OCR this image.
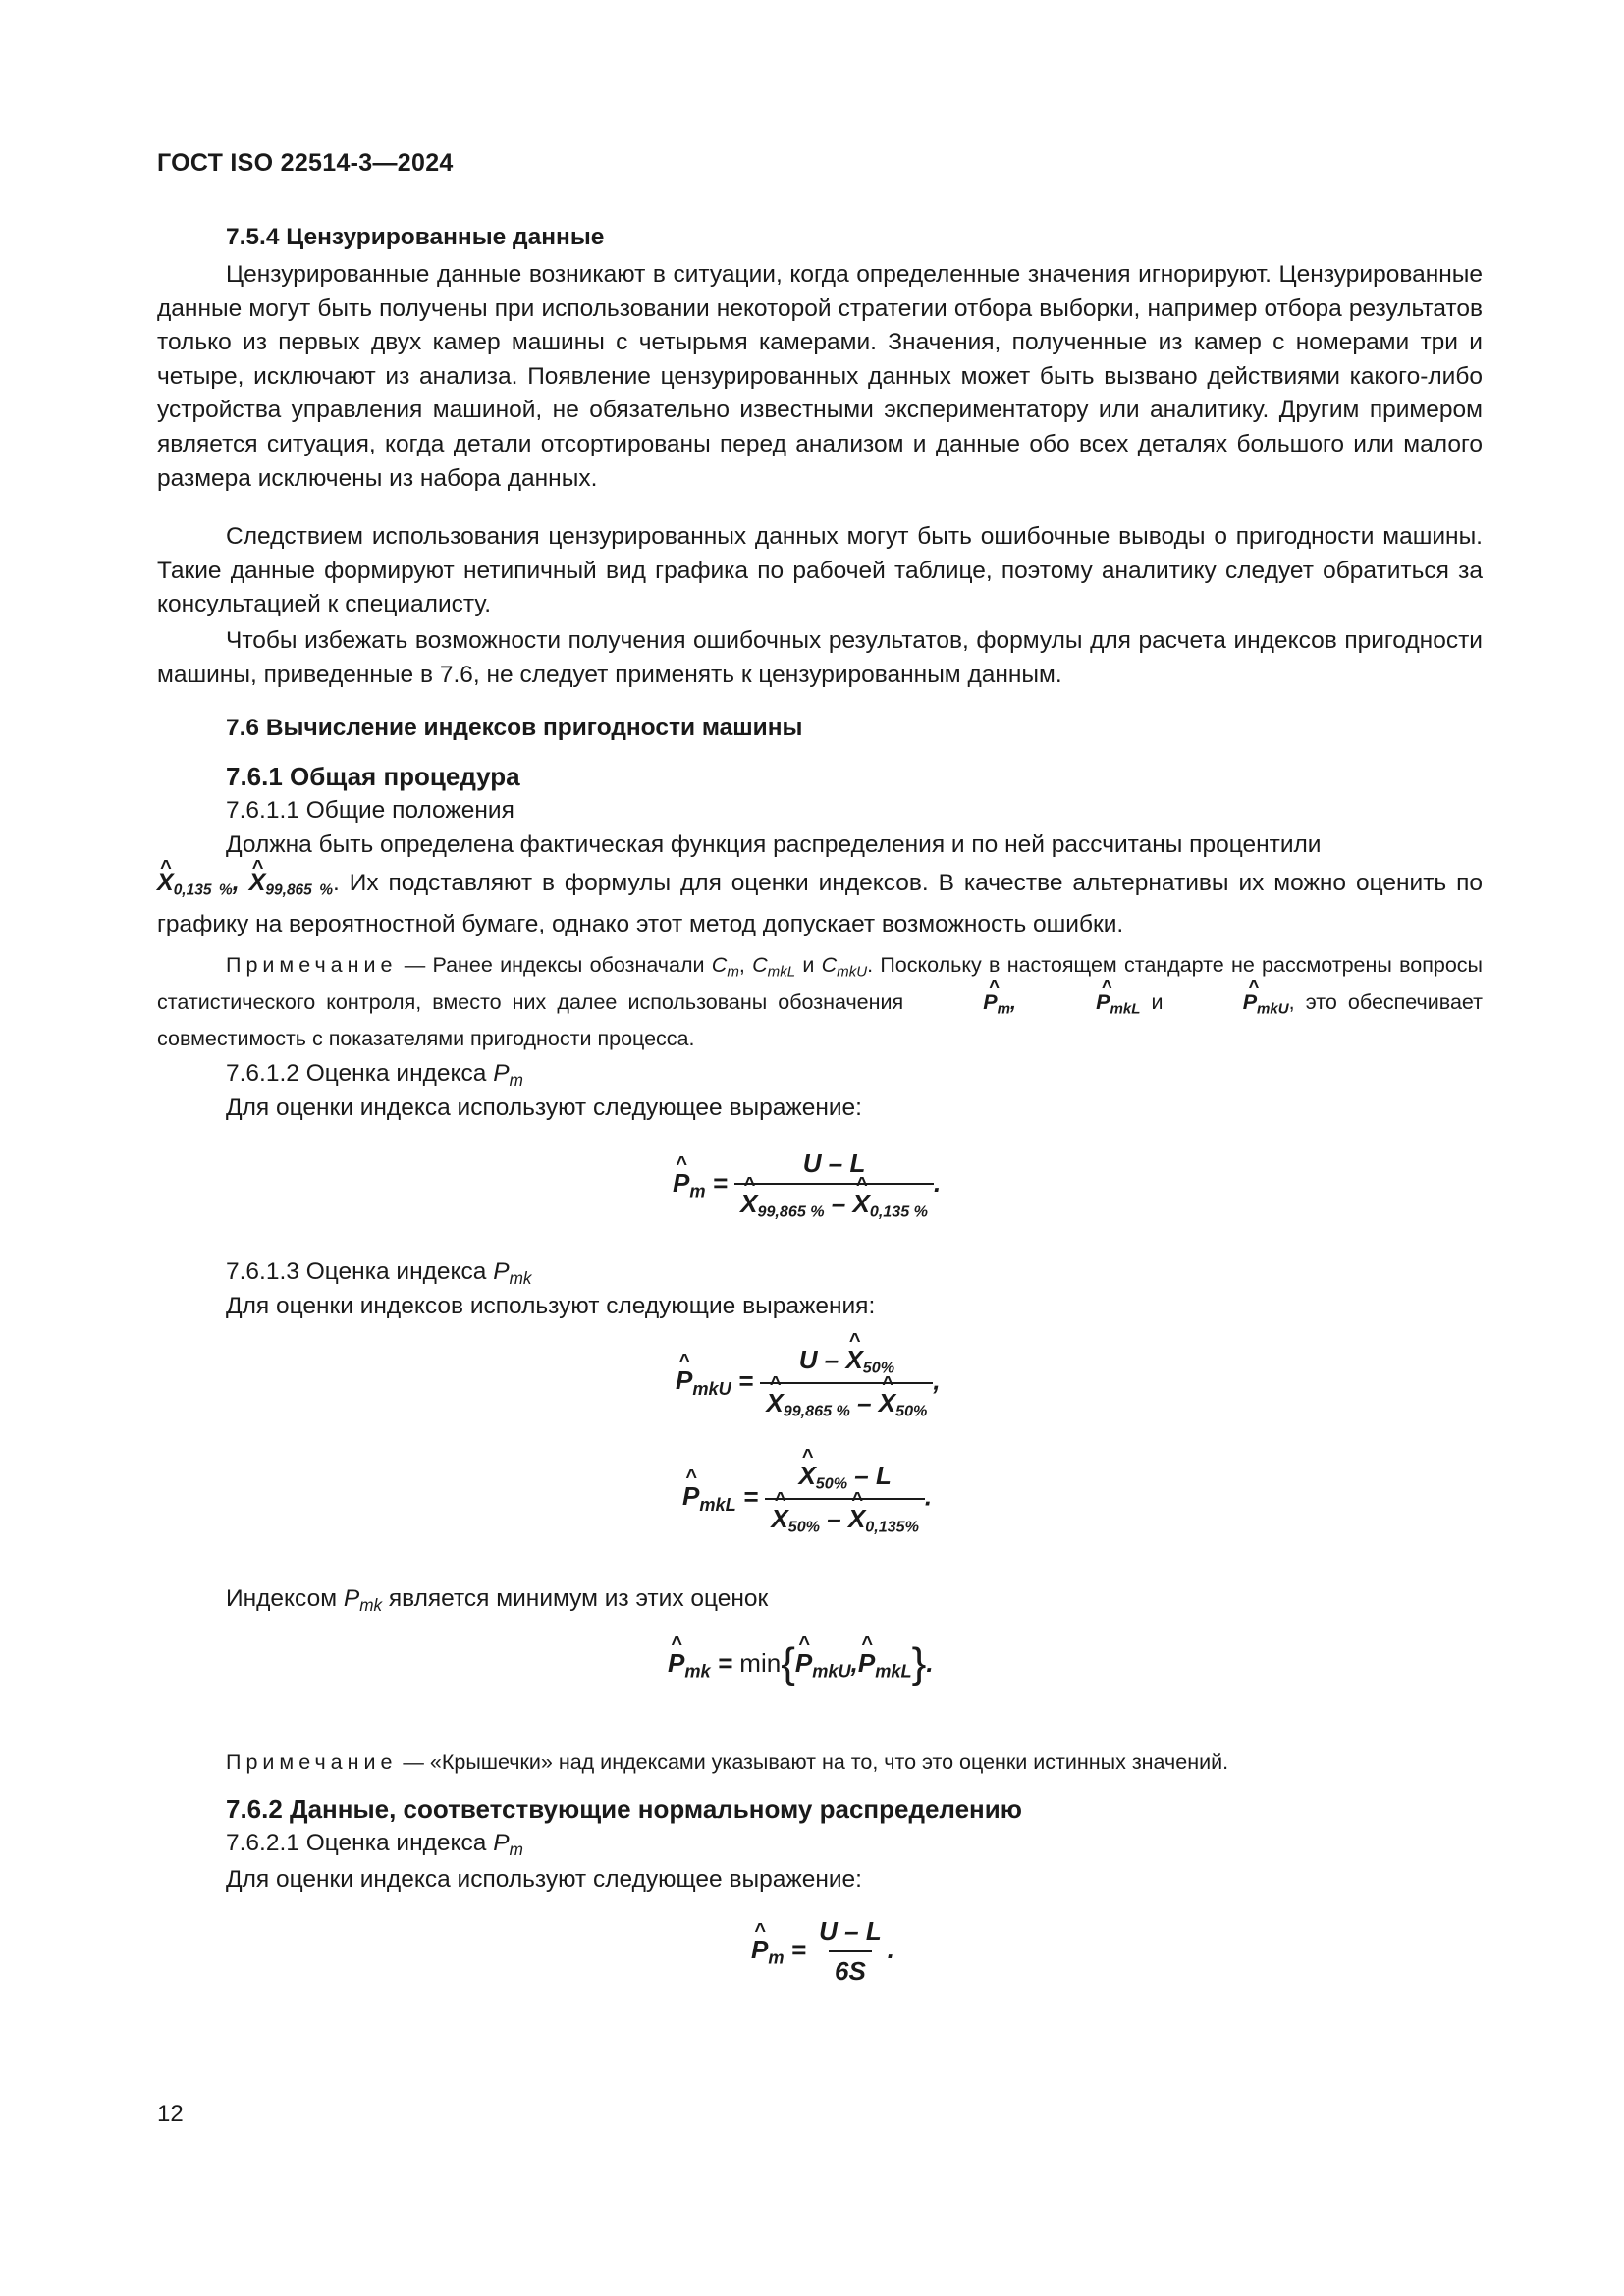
ГОСТ ISO 22514-3—2024
7.5.4 Цензурированные данные
Цензурированные данные возникают в ситуации, когда определенные значения игнорируют. Цензурированные данные могут быть получены при использовании некоторой стратегии отбора выборки, например отбора результатов только из первых двух камер машины с четырьмя камерами. Значения, полученные из камер с номерами три и четыре, исключают из анализа. Появление цензурированных данных может быть вызвано действиями какого-либо устройства управления машиной, не обязательно известными экспериментатору или аналитику. Другим примером является ситуация, когда детали отсортированы перед анализом и данные обо всех деталях большого или малого размера исключены из набора данных.
Следствием использования цензурированных данных могут быть ошибочные выводы о пригодности машины. Такие данные формируют нетипичный вид графика по рабочей таблице, поэтому аналитику следует обратиться за консультацией к специалисту.
Чтобы избежать возможности получения ошибочных результатов, формулы для расчета индексов пригодности машины, приведенные в 7.6, не следует применять к цензурированным данным.
7.6 Вычисление индексов пригодности машины
7.6.1 Общая процедура
7.6.1.1 Общие положения
Должна быть определена фактическая функция распределения и по ней рассчитаны процентили
^ X0,135 %, ^ X99,865 %. Их подставляют в формулы для оценки индексов. В качестве альтернативы их можно оценить по графику на вероятностной бумаге, однако этот метод допускает возможность ошибки.
Примечание — Ранее индексы обозначали $C_m$, $C_{mkL}$ и $C_{mkU}$. Поскольку в настоящем стандарте не рассмотрены вопросы статистического контроля, вместо них далее использованы обозначения	^ $P_m$,	^ $P_{mkL}$ и	^ $P_{mkU}$, это обеспечивает совместимость с показателями пригодности процесса.
7.6.1.2 Оценка индекса $P_m$
Для оценки индекса используют следующее выражение:
^ $P_m = U - L$
^ X99,865 % – ^ X0,135 % .
7.6.1.3 Оценка индекса $P_{mk}$
Для оценки индексов используют следующие выражения:
^ $P_{mkU} = U$ – ^ X50%
^ X99,865 % – ^ X50% ,
^ $P_{mkL}$ = ^ X50% – L
^ X50% – ^ X0,135% .
Индексом $P_{mk}$ является минимум из этих оценок
^ $P_{mk}$ = min{^ $P_{mkU},\^{}$ $P_{mkL}$}.
Примечание — «Крышечки» над индексами указывают на то, что это оценки истинных значений.
7.6.2 Данные, соответствующие нормальному распределению
7.6.2.1 Оценка индекса $P_m$
Для оценки индекса используют следующее выражение:
^ $P_m = \frac{U - L}{6S}$ .
12
